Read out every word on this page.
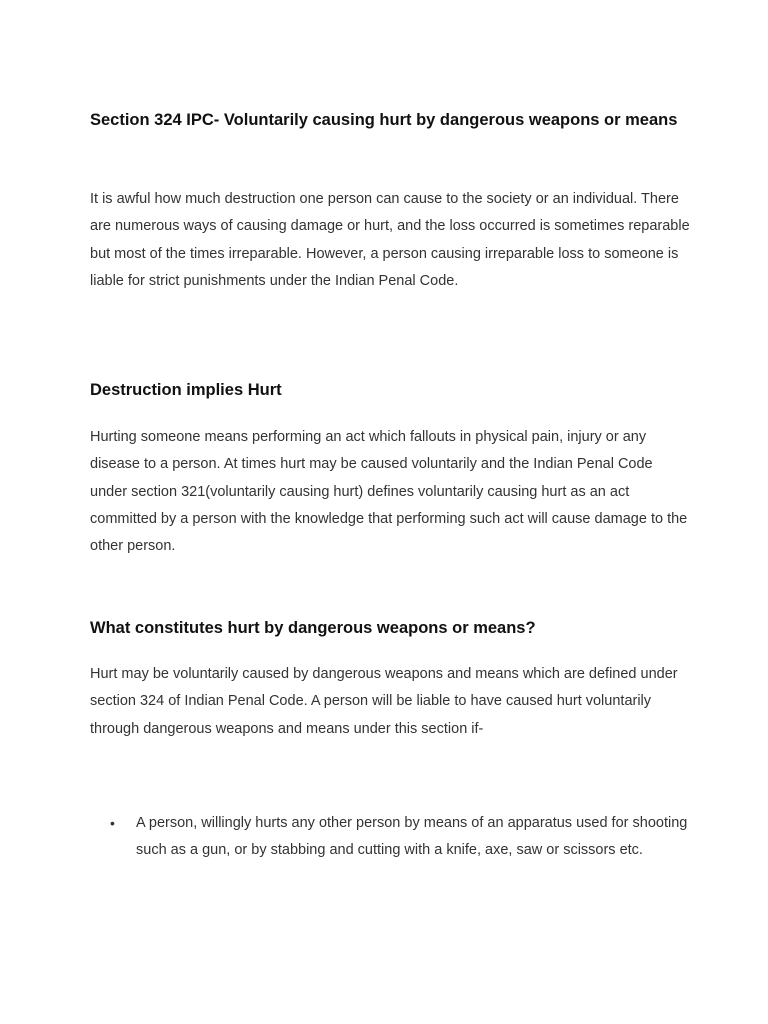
Section 324 IPC- Voluntarily causing hurt by dangerous weapons or means

It is awful how much destruction one person can cause to the society or an individual. There are numerous ways of causing damage or hurt, and the loss occurred is sometimes reparable but most of the times irreparable. However, a person causing irreparable loss to someone is liable for strict punishments under the Indian Penal Code.

Destruction implies Hurt

Hurting someone means performing an act which fallouts in physical pain, injury or any disease to a person. At times hurt may be caused voluntarily and the Indian Penal Code under section 321(voluntarily causing hurt) defines voluntarily causing hurt as an act committed by a person with the knowledge that performing such act will cause damage to the other person.

What constitutes hurt by dangerous weapons or means?

Hurt may be voluntarily caused by dangerous weapons and means which are defined under section 324 of Indian Penal Code. A person will be liable to have caused hurt voluntarily through dangerous weapons and means under this section if-

• A person, willingly hurts any other person by means of an apparatus used for shooting such as a gun, or by stabbing and cutting with a knife, axe, saw or scissors etc.
